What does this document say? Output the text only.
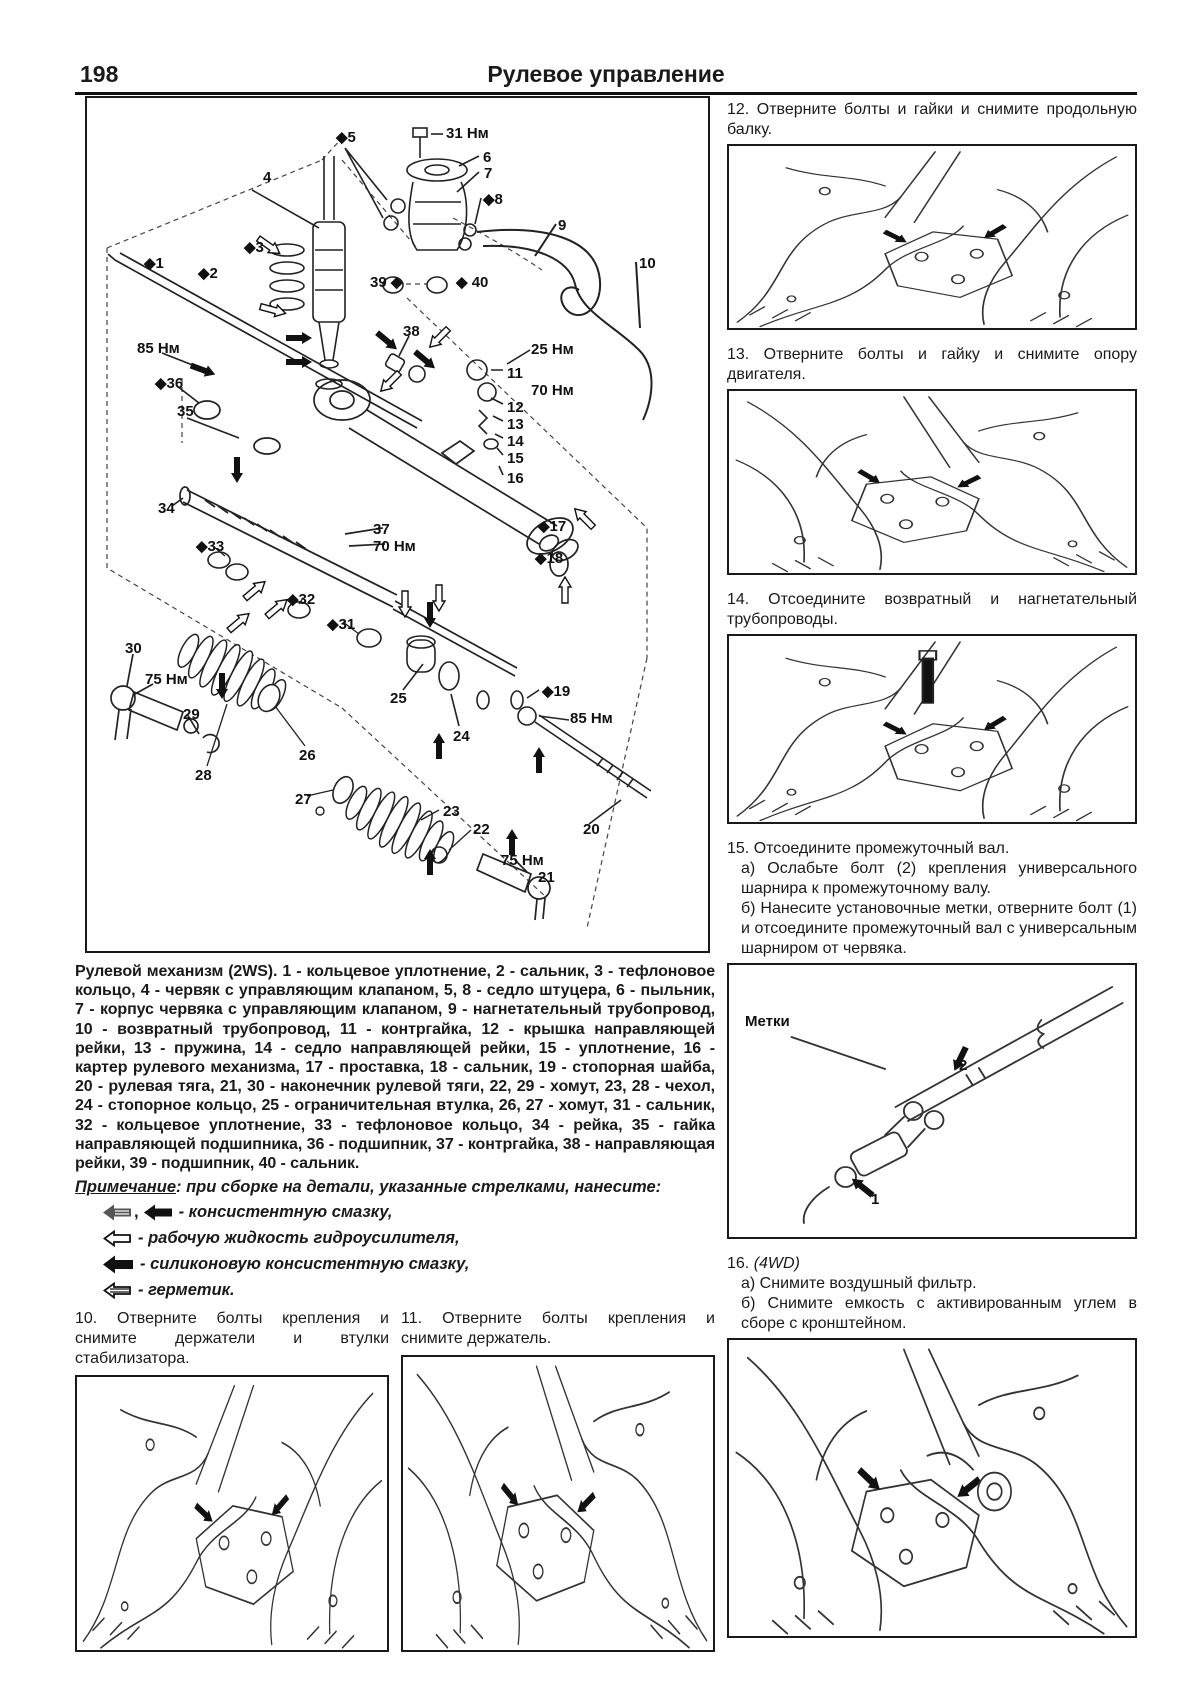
198	Рулевое управление
◆5	31 Нм
6
7
◆8
9
10
4
◆3
◆1
◆2
39 ◆	◆ 40
85 Нм
◆36
38
25 Нм
11
70 Нм
12
13
14
15
16
35
34
37
70 Нм
◆17
◆18
◆33
◆32
◆31
30
75 Нм
29
26
28
25
24
◆19
85 Нм
27
23
22	20
75 Нм
21

Рулевой механизм (2WS). 1 - кольцевое уплотнение, 2 - сальник, 3 - тефлоновое кольцо, 4 - червяк с управляющим клапаном, 5, 8 - седло штуцера, 6 - пыльник, 7 - корпус червяка с управляющим клапаном, 9 - нагнетательный трубопровод, 10 - возвратный трубопровод, 11 - контргайка, 12 - крышка направляющей рейки, 13 - пружина, 14 - седло направляющей рейки, 15 - уплотнение, 16 - картер рулевого механизма, 17 - проставка, 18 - сальник, 19 - стопорная шайба, 20 - рулевая тяга, 21, 30 - наконечник рулевой тяги, 22, 29 - хомут, 23, 28 - чехол, 24 - стопорное кольцо, 25 - ограничительная втулка, 26, 27 - хомут, 31 - сальник, 32 - кольцевое уплотнение, 33 - тефлоновое кольцо, 34 - рейка, 35 - гайка направляющей подшипника, 36 - подшипник, 37 - контргайка, 38 - направляющая рейки, 39 - подшипник, 40 - сальник.

Примечание: при сборке на детали, указанные стрелками, нанесите:

, - консистентную смазку,
- рабочую жидкость гидроусилителя,
- силиконовую консистентную смазку,
- герметик.

10. Отверните болты крепления и снимите держатели и втулки стабилизатора.

11. Отверните болты крепления и снимите держатель.

12. Отверните болты и гайки и снимите продольную балку.

13. Отверните болты и гайку и снимите опору двигателя.

14. Отсоедините возвратный и нагнетательный трубопроводы.

15. Отсоедините промежуточный вал.

а) Ослабьте болт (2) крепления универсального шарнира к промежуточному валу.

б) Нанесите установочные метки, отверните болт (1) и отсоедините промежуточный вал с универсальным шарниром от червяка.

Метки
2
1

16. (4WD)

а) Снимите воздушный фильтр.

б) Снимите емкость с активированным углем в сборе с кронштейном.
